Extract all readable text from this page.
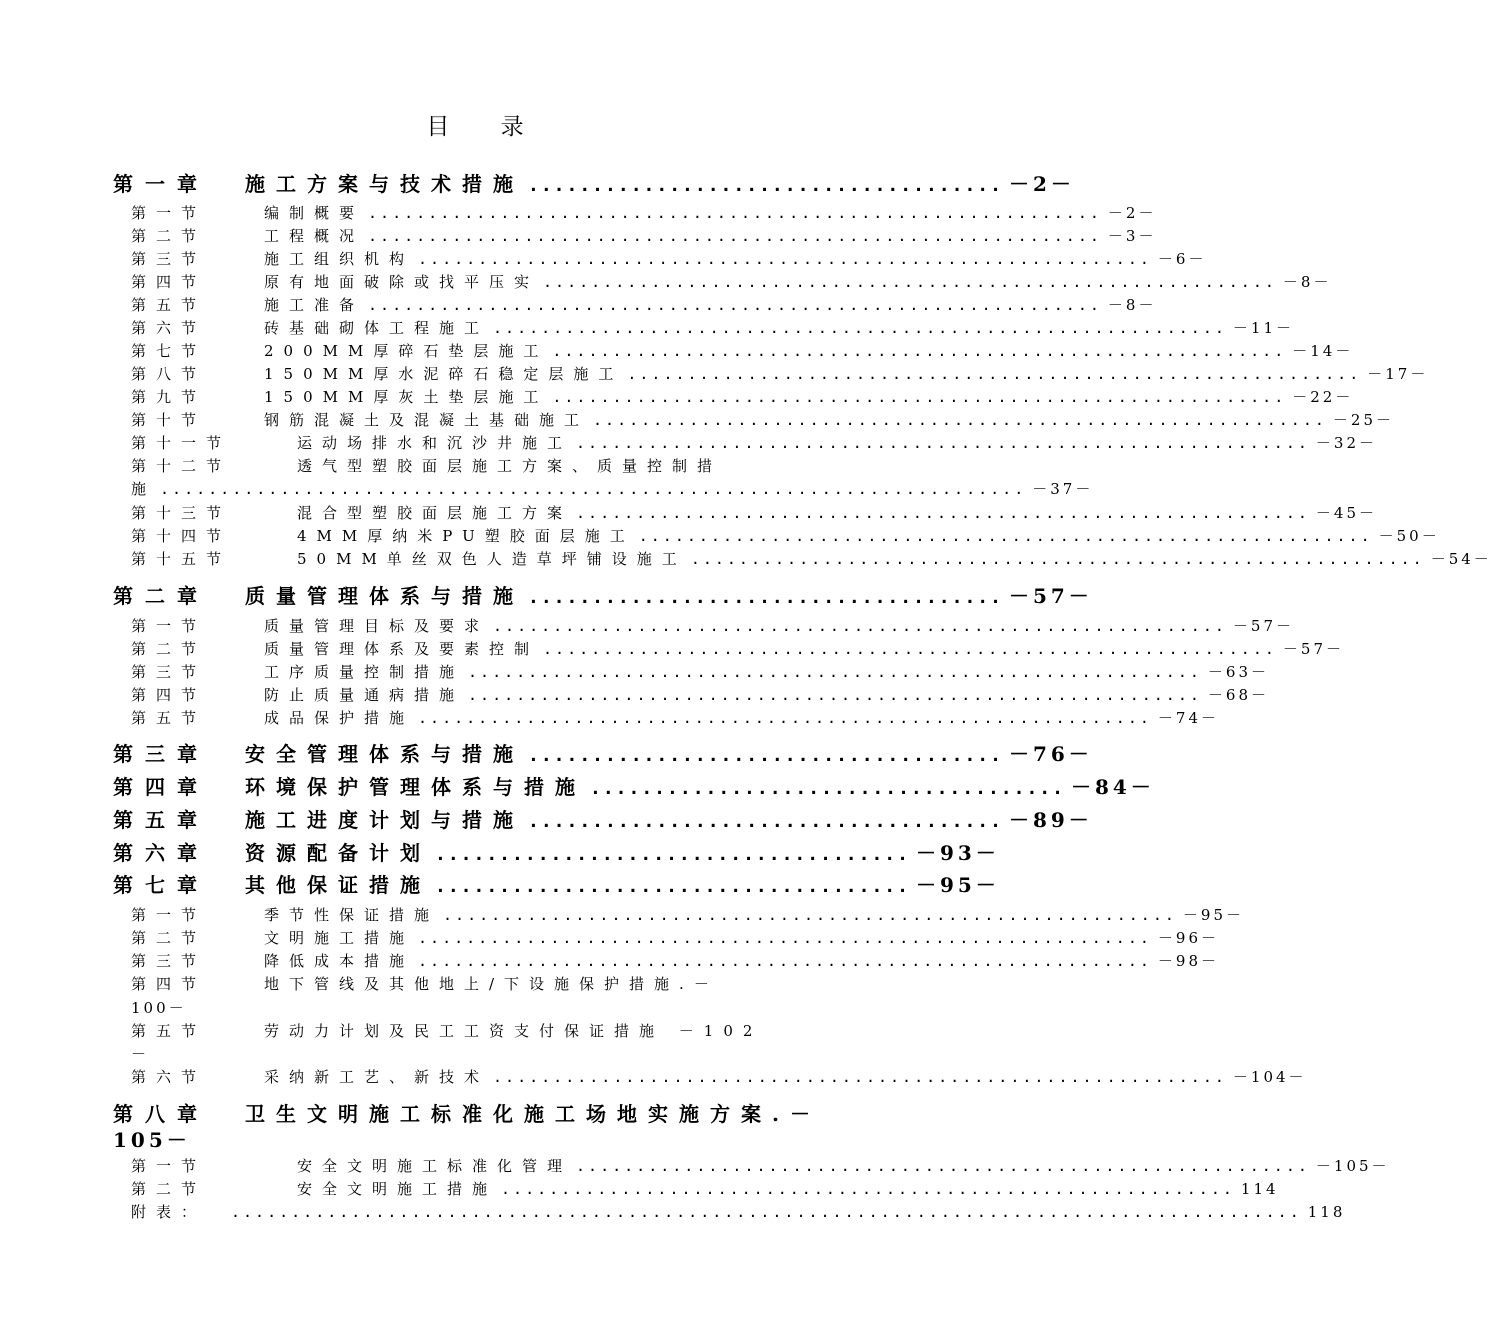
目 录
第一章	施工方案与技术措施 ..................................... －2－
第一节	编制概要 ............................................................. －2－
第二节	工程概况 ............................................................. －3－
第三节	施工组织机构 ............................................................. －6－
第四节	原有地面破除或找平压实 ............................................................. －8－
第五节	施工准备 ............................................................. －8－
第六节	砖基础砌体工程施工 ............................................................. －11－
第七节	200MM厚碎石垫层施工 ............................................................. －14－
第八节	150MM厚水泥碎石稳定层施工 ............................................................. －17－
第九节	150MM厚灰土垫层施工 ............................................................. －22－
第十节	钢筋混凝土及混凝土基础施工 ............................................................. －25－
第十一节	运动场排水和沉沙井施工 ............................................................. －32－
第十二节	透气型塑胶面层施工方案、质量控制措
施 ........................................................................ －37－
第十三节	混合型塑胶面层施工方案 ............................................................. －45－
第十四节	4MM厚纳米PU塑胶面层施工 ............................................................. －50－
第十五节	50MM单丝双色人造草坪铺设施工 ............................................................. －54－
第二章	质量管理体系与措施 ..................................... －57－
第一节	质量管理目标及要求 ............................................................. －57－
第二节	质量管理体系及要素控制 ............................................................. －57－
第三节	工序质量控制措施 ............................................................. －63－
第四节	防止质量通病措施 ............................................................. －68－
第五节	成品保护措施 ............................................................. －74－
第三章	安全管理体系与措施 ..................................... －76－
第四章	环境保护管理体系与措施 ..................................... －84－
第五章	施工进度计划与措施 ..................................... －89－
第六章	资源配备计划 ..................................... －93－
第七章	其他保证措施 ..................................... －95－
第一节	季节性保证措施 ............................................................. －95－
第二节	文明施工措施 ............................................................. －96－
第三节	降低成本措施 ............................................................. －98－
第四节	地下管线及其他地上/下设施保护措施.－
100－
第五节	劳动力计划及民工工资支付保证措施 －102
－
第六节	采纳新工艺、新技术 ............................................................. －104－
第八章	卫生文明施工标准化施工场地实施方案.－
105－
第一节	安全文明施工标准化管理 ............................................................. －105－
第二节	安全文明施工措施 ............................................................. 114
附表：	......................................................................................... 118
